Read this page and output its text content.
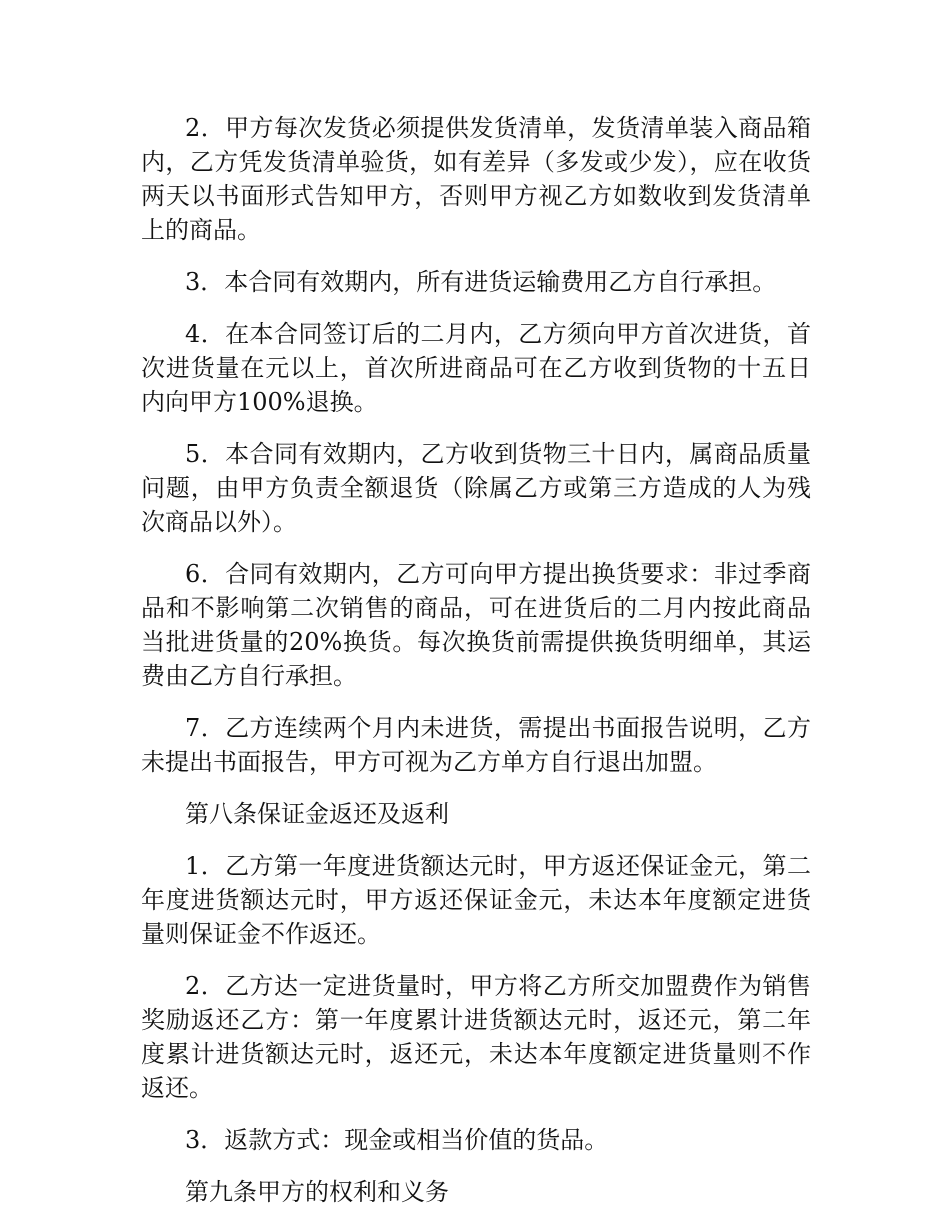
2．甲方每次发货必须提供发货清单，发货清单装入商品箱内，乙方凭发货清单验货，如有差异（多发或少发），应在收货两天以书面形式告知甲方，否则甲方视乙方如数收到发货清单上的商品。

3．本合同有效期内，所有进货运输费用乙方自行承担。

4．在本合同签订后的二月内，乙方须向甲方首次进货，首次进货量在元以上，首次所进商品可在乙方收到货物的十五日内向甲方100%退换。

5．本合同有效期内，乙方收到货物三十日内，属商品质量问题，由甲方负责全额退货（除属乙方或第三方造成的人为残次商品以外）。

6．合同有效期内，乙方可向甲方提出换货要求：非过季商品和不影响第二次销售的商品，可在进货后的二月内按此商品当批进货量的20%换货。每次换货前需提供换货明细单，其运费由乙方自行承担。

7．乙方连续两个月内未进货，需提出书面报告说明，乙方未提出书面报告，甲方可视为乙方单方自行退出加盟。

第八条保证金返还及返利

1．乙方第一年度进货额达元时，甲方返还保证金元，第二年度进货额达元时，甲方返还保证金元，未达本年度额定进货量则保证金不作返还。

2．乙方达一定进货量时，甲方将乙方所交加盟费作为销售奖励返还乙方：第一年度累计进货额达元时，返还元，第二年度累计进货额达元时，返还元，未达本年度额定进货量则不作返还。

3．返款方式：现金或相当价值的货品。

第九条甲方的权利和义务
